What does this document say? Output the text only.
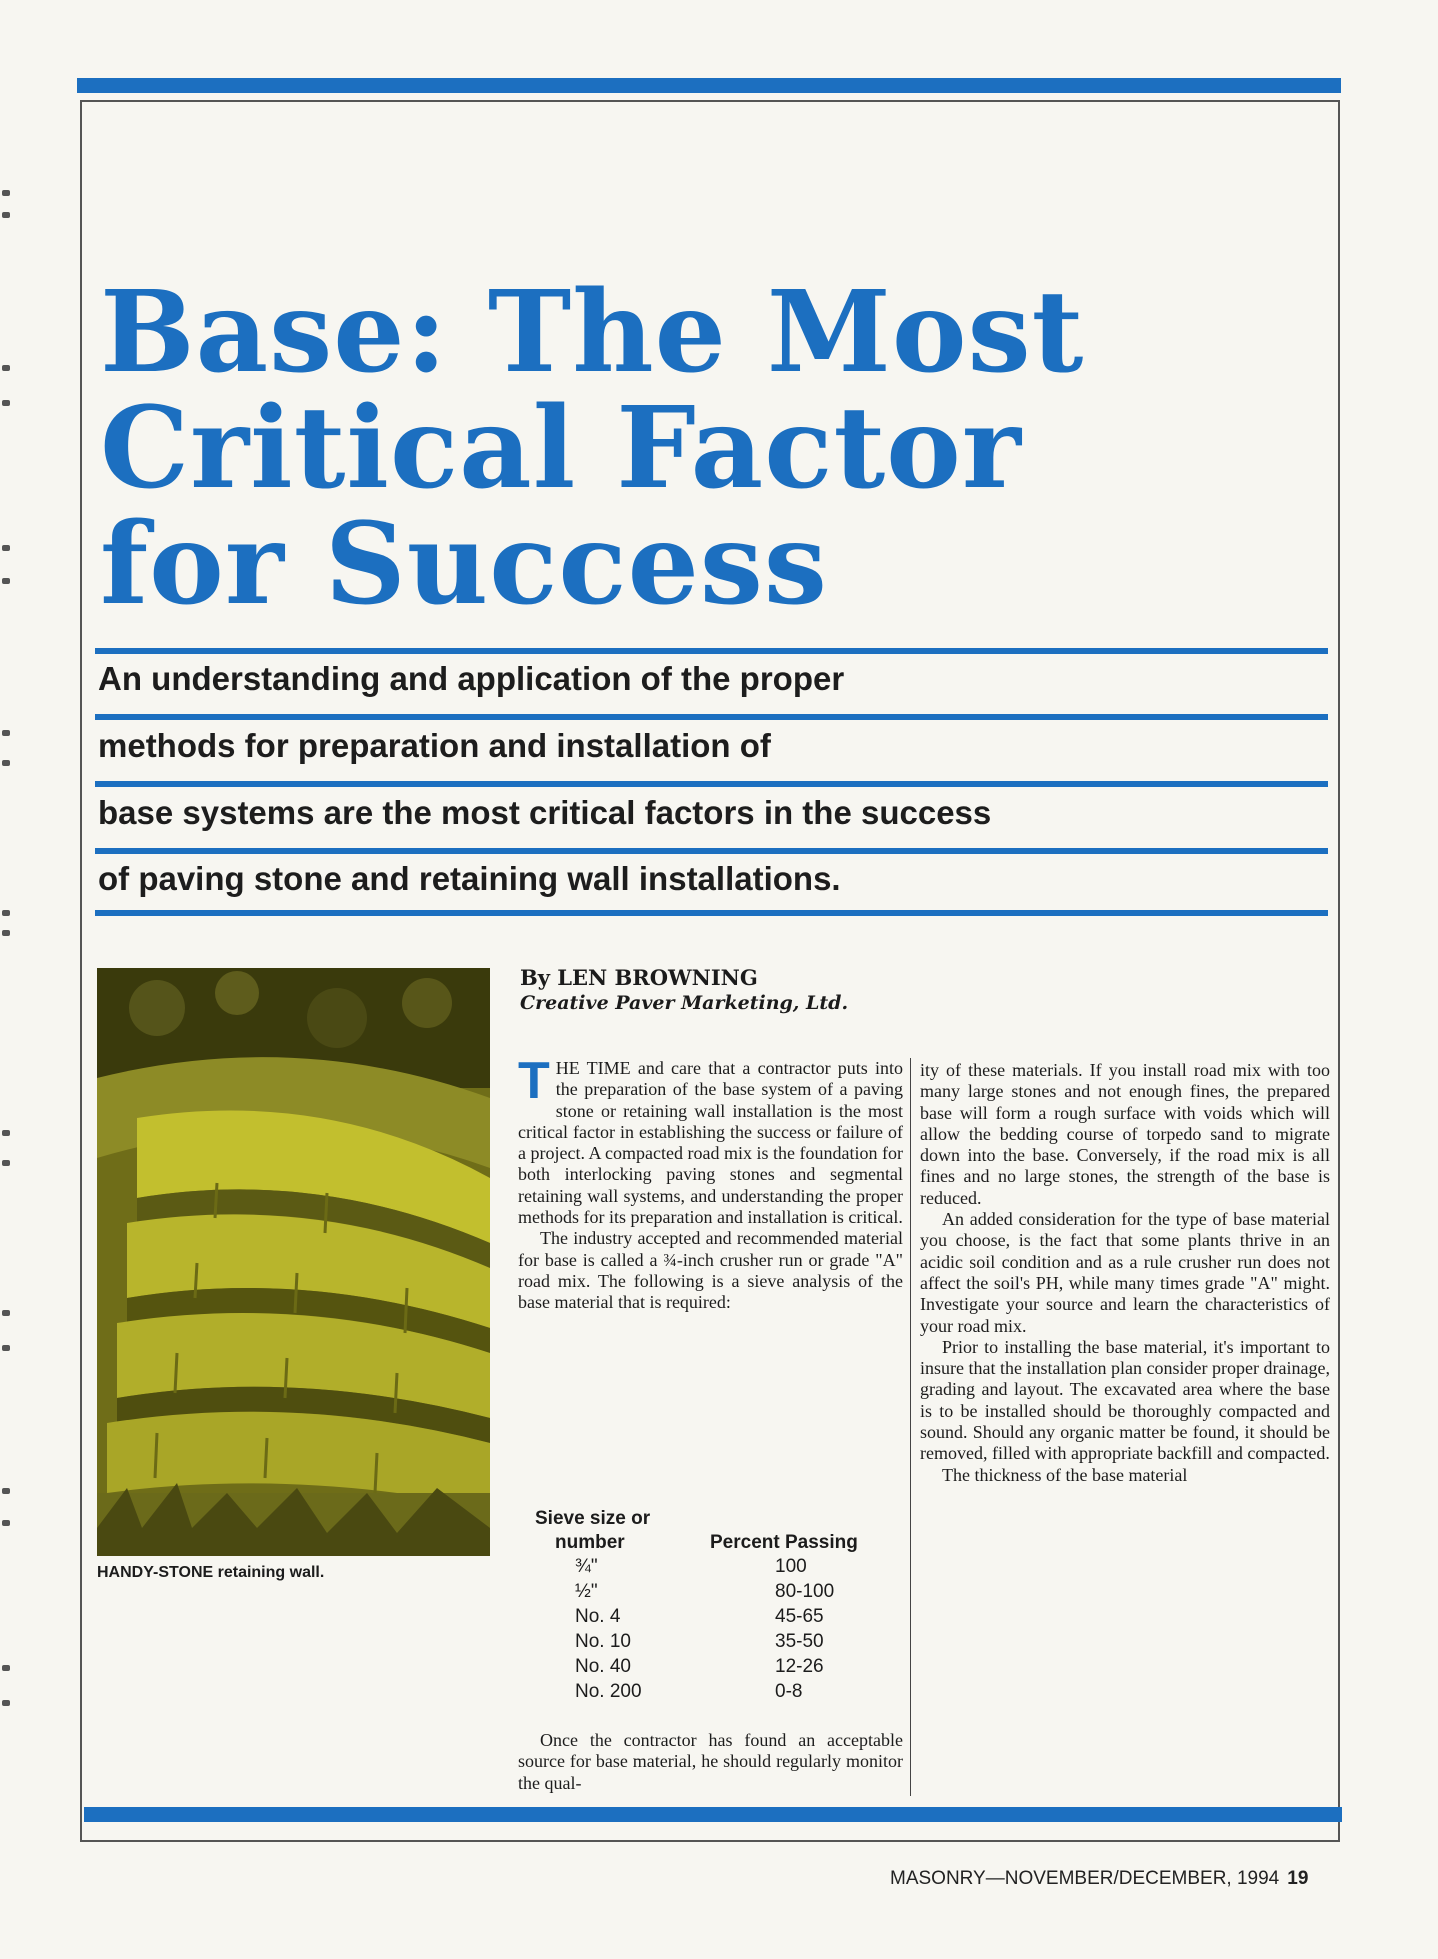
Base: The Most
Critical Factor
for Success
An understanding and application of the proper
methods for preparation and installation of
base systems are the most critical factors in the success
of paving stone and retaining wall installations.

HANDY-STONE retaining wall.

By LEN BROWNING
Creative Paver Marketing, Ltd.

THE TIME and care that a contractor puts into the preparation of the base system of a paving stone or retaining wall installation is the most critical factor in establishing the success or failure of a project. A compacted road mix is the foundation for both interlocking paving stones and segmental retaining wall systems, and understanding the proper methods for its preparation and installation is critical.

The industry accepted and recommended material for base is called a ¾-inch crusher run or grade "A" road mix. The following is a sieve analysis of the base material that is required:

Sieve size or
number	Percent Passing
¾"	100
½"	80-100
No. 4	45-65
No. 10	35-50
No. 40	12-26
No. 200	0-8

Once the contractor has found an acceptable source for base material, he should regularly monitor the qual-

ity of these materials. If you install road mix with too many large stones and not enough fines, the prepared base will form a rough surface with voids which will allow the bedding course of torpedo sand to migrate down into the base. Conversely, if the road mix is all fines and no large stones, the strength of the base is reduced.

An added consideration for the type of base material you choose, is the fact that some plants thrive in an acidic soil condition and as a rule crusher run does not affect the soil's PH, while many times grade "A" might. Investigate your source and learn the characteristics of your road mix.

Prior to installing the base material, it's important to insure that the installation plan consider proper drainage, grading and layout. The excavated area where the base is to be installed should be thoroughly compacted and sound. Should any organic matter be found, it should be removed, filled with appropriate backfill and compacted.

The thickness of the base material

MASONRY—NOVEMBER/DECEMBER, 1994 19
